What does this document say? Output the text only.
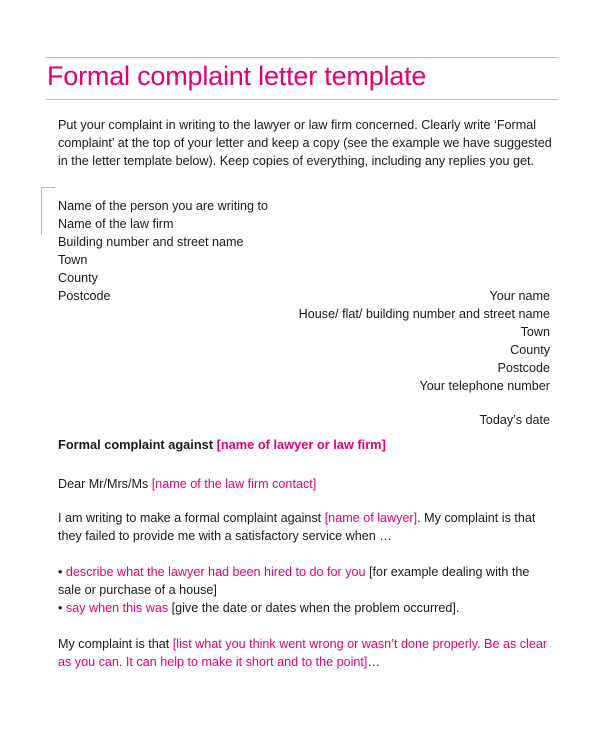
Formal complaint letter template
Put your complaint in writing to the lawyer or law firm concerned. Clearly write ‘Formal
complaint’ at the top of your letter and keep a copy (see the example we have suggested
in the letter template below). Keep copies of everything, including any replies you get.
Name of the person you are writing to
Name of the law firm
Building number and street name
Town
County
Postcode	Your name
House/ flat/ building number and street name
Town
County
Postcode
Your telephone number
Today’s date
Formal complaint against [name of lawyer or law firm]
Dear Mr/Mrs/Ms [name of the law firm contact]
I am writing to make a formal complaint against [name of lawyer]. My complaint is that
they failed to provide me with a satisfactory service when …
• describe what the lawyer had been hired to do for you [for example dealing with the
sale or purchase of a house]
• say when this was [give the date or dates when the problem occurred].
My complaint is that [list what you think went wrong or wasn’t done properly. Be as clear
as you can. It can help to make it short and to the point]…
